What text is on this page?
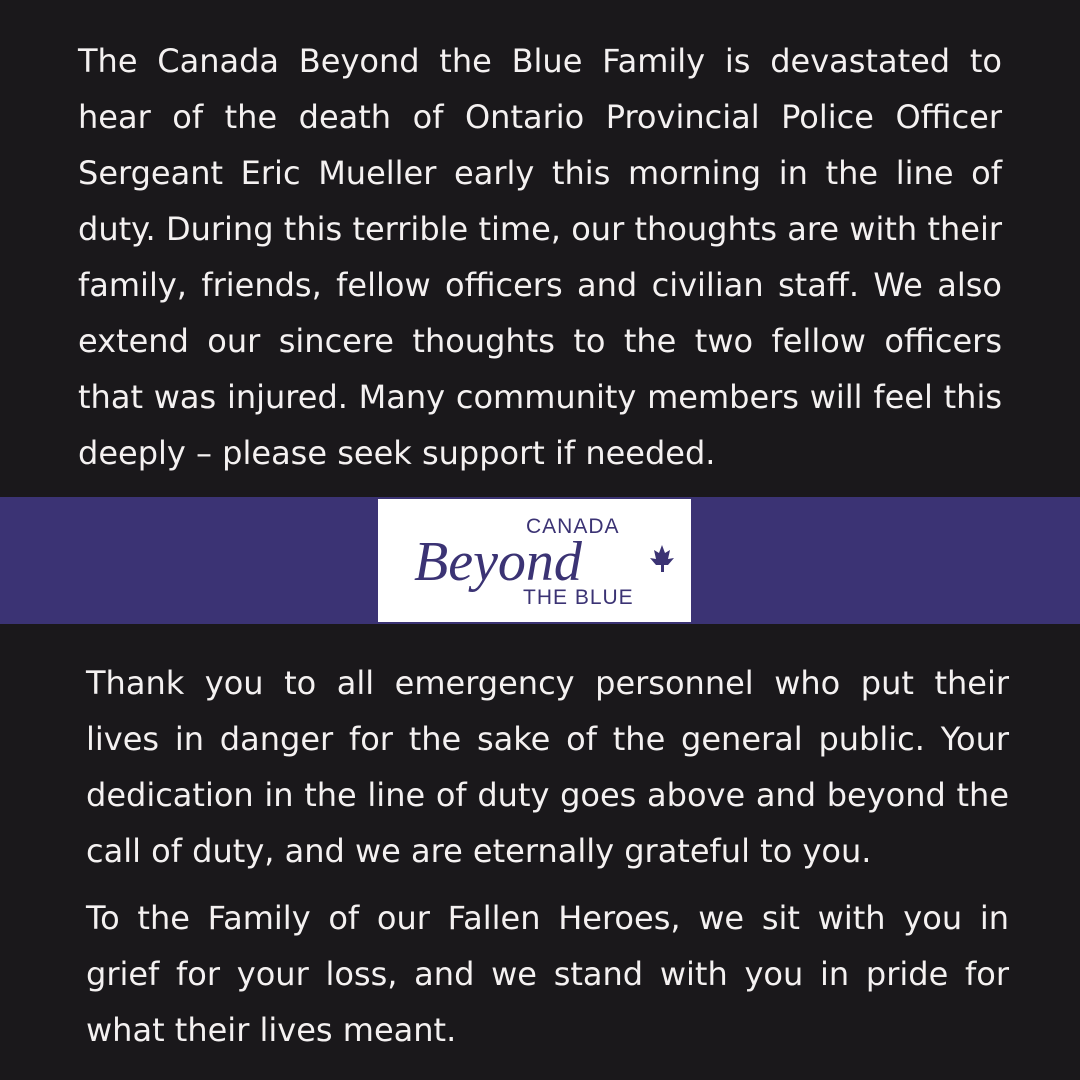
The Canada Beyond the Blue Family is devastated to hear of the death of Ontario Provincial Police Officer Sergeant Eric Mueller early this morning in the line of duty. During this terrible time, our thoughts are with their family, friends, fellow officers and civilian staff. We also extend our sincere thoughts to the two fellow officers that was injured. Many community members will feel this deeply – please seek support if needed.

CANADA
Beyond
THE BLUE

Thank you to all emergency personnel who put their lives in danger for the sake of the general public. Your dedication in the line of duty goes above and beyond the call of duty, and we are eternally grateful to you.

To the Family of our Fallen Heroes, we sit with you in grief for your loss, and we stand with you in pride for what their lives meant.
